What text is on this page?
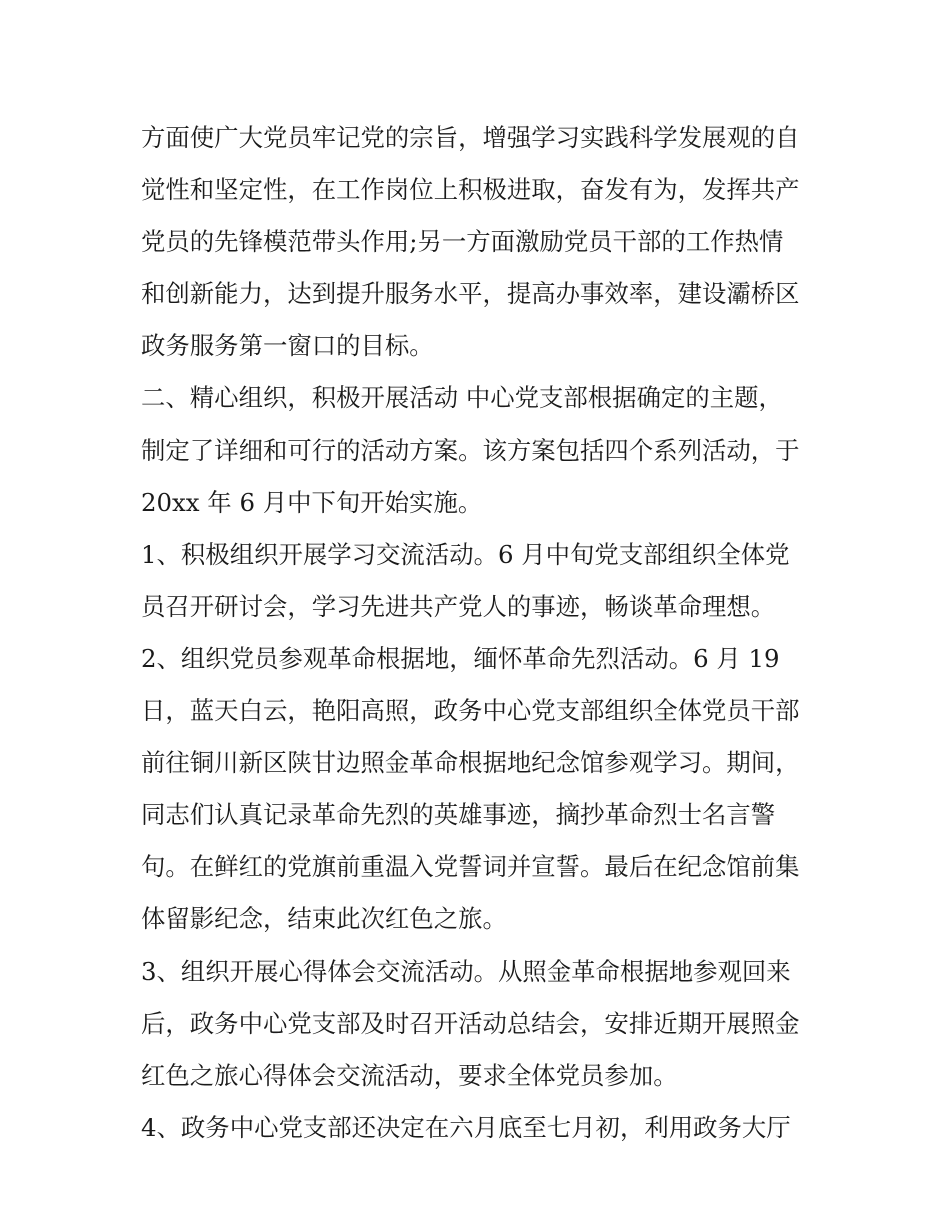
方面使广大党员牢记党的宗旨，增强学习实践科学发展观的自
觉性和坚定性，在工作岗位上积极进取，奋发有为，发挥共产
党员的先锋模范带头作用;另一方面激励党员干部的工作热情
和创新能力，达到提升服务水平，提高办事效率，建设灞桥区
政务服务第一窗口的目标。
二、精心组织，积极开展活动 中心党支部根据确定的主题，
制定了详细和可行的活动方案。该方案包括四个系列活动，于
20xx 年 6 月中下旬开始实施。
1、积极组织开展学习交流活动。6 月中旬党支部组织全体党
员召开研讨会，学习先进共产党人的事迹，畅谈革命理想。
2、组织党员参观革命根据地，缅怀革命先烈活动。6 月 19
日，蓝天白云，艳阳高照，政务中心党支部组织全体党员干部
前往铜川新区陕甘边照金革命根据地纪念馆参观学习。期间，
同志们认真记录革命先烈的英雄事迹，摘抄革命烈士名言警
句。在鲜红的党旗前重温入党誓词并宣誓。最后在纪念馆前集
体留影纪念，结束此次红色之旅。
3、组织开展心得体会交流活动。从照金革命根据地参观回来
后，政务中心党支部及时召开活动总结会，安排近期开展照金
红色之旅心得体会交流活动，要求全体党员参加。
4、政务中心党支部还决定在六月底至七月初，利用政务大厅
